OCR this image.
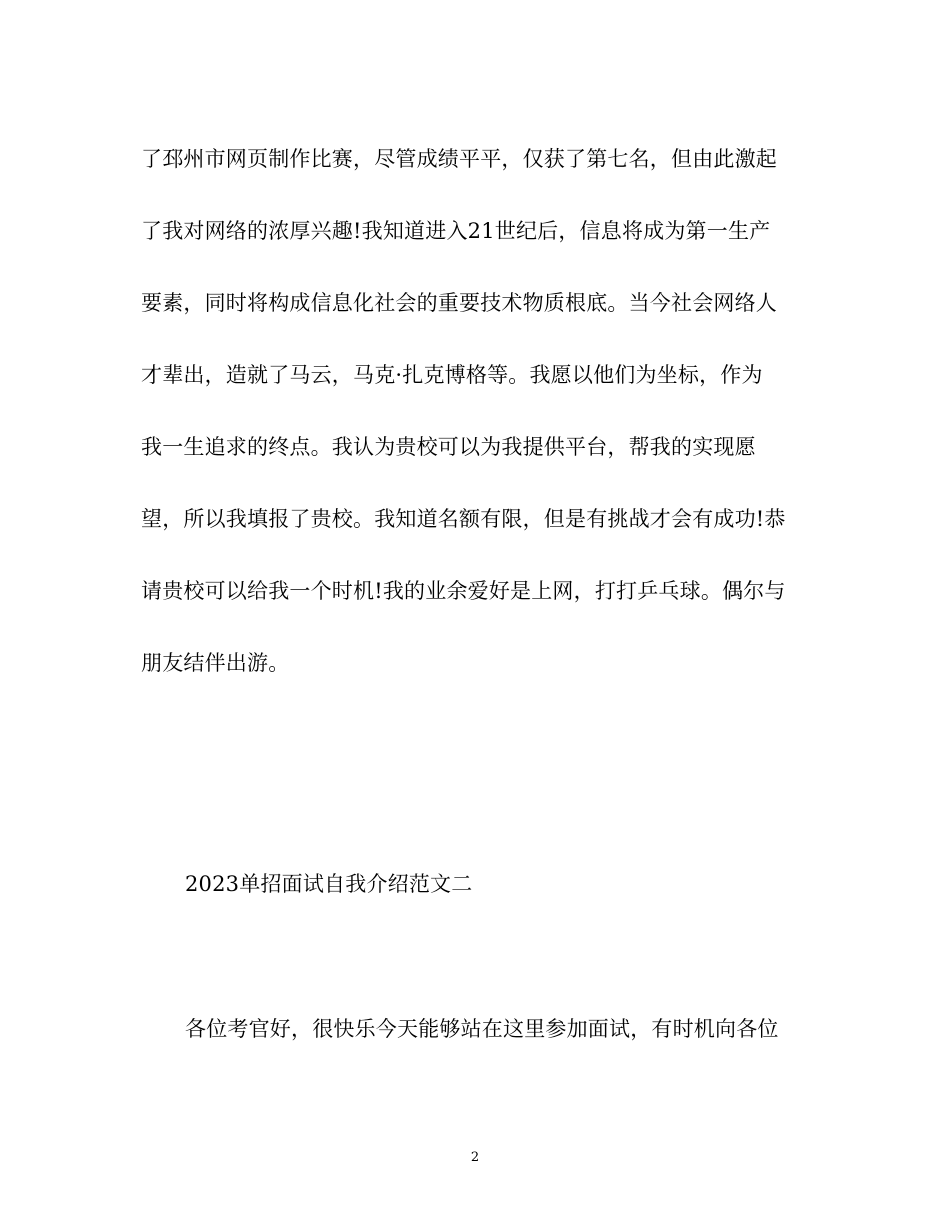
了邳州市网页制作比赛，尽管成绩平平，仅获了第七名，但由此激起
了我对网络的浓厚兴趣!我知道进入21世纪后，信息将成为第一生产
要素，同时将构成信息化社会的重要技术物质根底。当今社会网络人
才辈出，造就了马云，马克·扎克博格等。我愿以他们为坐标，作为
我一生追求的终点。我认为贵校可以为我提供平台，帮我的实现愿
望，所以我填报了贵校。我知道名额有限，但是有挑战才会有成功!恭
请贵校可以给我一个时机!我的业余爱好是上网，打打乒乓球。偶尔与
朋友结伴出游。
2023单招面试自我介绍范文二
各位考官好，很快乐今天能够站在这里参加面试，有时机向各位
2
